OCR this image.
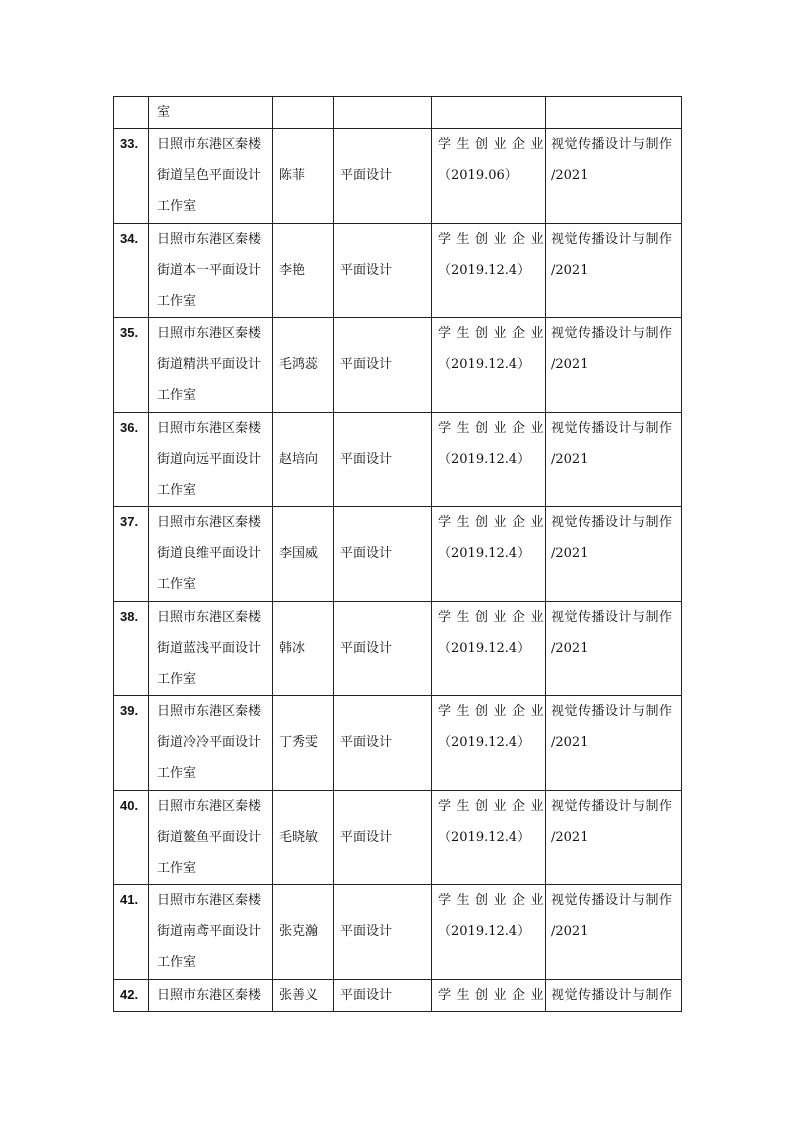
	室				

33.	日照市东港区秦楼
街道呈色平面设计
工作室	陈菲	平面设计	学生创业企业
（2019.06）	视觉传播设计与制作
/2021

34.	日照市东港区秦楼
街道本一平面设计
工作室	李艳	平面设计	学生创业企业
（2019.12.4）	视觉传播设计与制作
/2021

35.	日照市东港区秦楼
街道精洪平面设计
工作室	毛鸿蕊	平面设计	学生创业企业
（2019.12.4）	视觉传播设计与制作
/2021

36.	日照市东港区秦楼
街道向远平面设计
工作室	赵培向	平面设计	学生创业企业
（2019.12.4）	视觉传播设计与制作
/2021

37.	日照市东港区秦楼
街道良维平面设计
工作室	李国威	平面设计	学生创业企业
（2019.12.4）	视觉传播设计与制作
/2021

38.	日照市东港区秦楼
街道蓝浅平面设计
工作室	韩冰	平面设计	学生创业企业
（2019.12.4）	视觉传播设计与制作
/2021

39.	日照市东港区秦楼
街道冷冷平面设计
工作室	丁秀雯	平面设计	学生创业企业
（2019.12.4）	视觉传播设计与制作
/2021

40.	日照市东港区秦楼
街道鳌鱼平面设计
工作室	毛晓敏	平面设计	学生创业企业
（2019.12.4）	视觉传播设计与制作
/2021

41.	日照市东港区秦楼
街道南鸢平面设计
工作室	张克瀚	平面设计	学生创业企业
（2019.12.4）	视觉传播设计与制作
/2021

42.	日照市东港区秦楼	张善义	平面设计	学生创业企业	视觉传播设计与制作
